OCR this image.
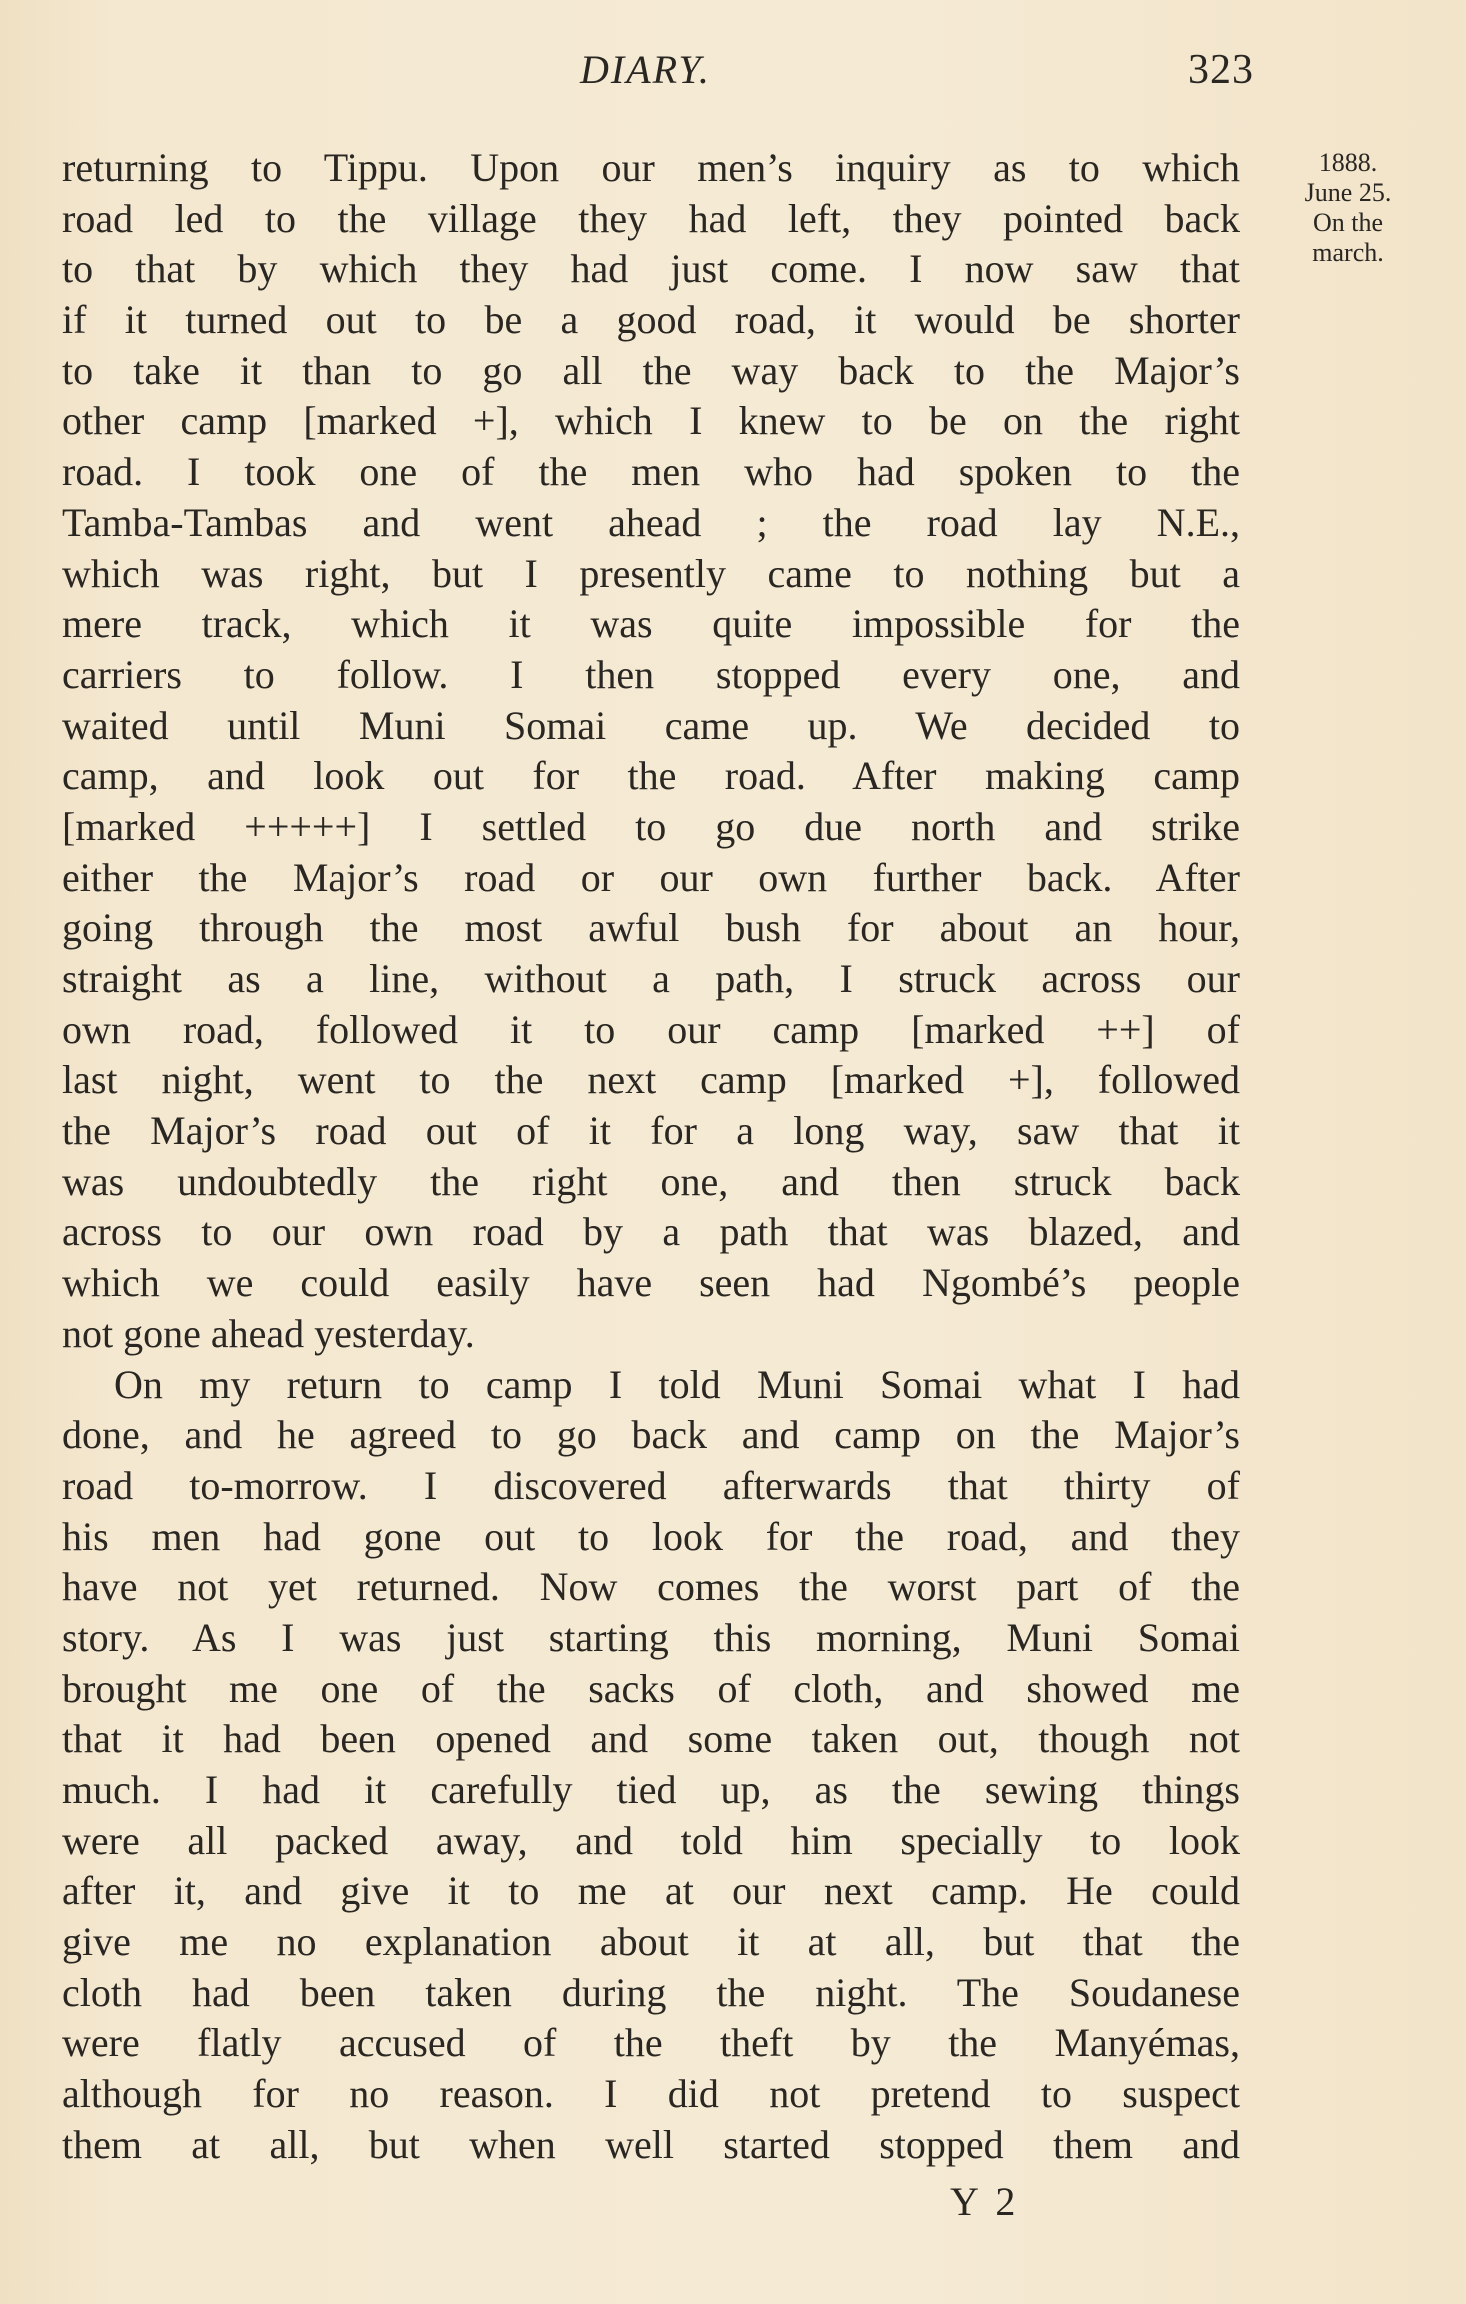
DIARY.	323
1888.
June 25.
On the
march.
returning to Tippu. Upon our men’s inquiry as to which
road led to the village they had left, they pointed back
to that by which they had just come. I now saw that
if it turned out to be a good road, it would be shorter
to take it than to go all the way back to the Major’s
other camp [marked +], which I knew to be on the right
road. I took one of the men who had spoken to the
Tamba-Tambas and went ahead ; the road lay N.E.,
which was right, but I presently came to nothing but a
mere track, which it was quite impossible for the
carriers to follow. I then stopped every one, and
waited until Muni Somai came up. We decided to
camp, and look out for the road. After making camp
[marked +++++] I settled to go due north and strike
either the Major’s road or our own further back. After
going through the most awful bush for about an hour,
straight as a line, without a path, I struck across our
own road, followed it to our camp [marked ++] of
last night, went to the next camp [marked +], followed
the Major’s road out of it for a long way, saw that it
was undoubtedly the right one, and then struck back
across to our own road by a path that was blazed, and
which we could easily have seen had Ngombé’s people
not gone ahead yesterday.
On my return to camp I told Muni Somai what I had
done, and he agreed to go back and camp on the Major’s
road to-morrow. I discovered afterwards that thirty of
his men had gone out to look for the road, and they
have not yet returned. Now comes the worst part of the
story. As I was just starting this morning, Muni Somai
brought me one of the sacks of cloth, and showed me
that it had been opened and some taken out, though not
much. I had it carefully tied up, as the sewing things
were all packed away, and told him specially to look
after it, and give it to me at our next camp. He could
give me no explanation about it at all, but that the
cloth had been taken during the night. The Soudanese
were flatly accused of the theft by the Manyémas,
although for no reason. I did not pretend to suspect
them at all, but when well started stopped them and
Y 2
